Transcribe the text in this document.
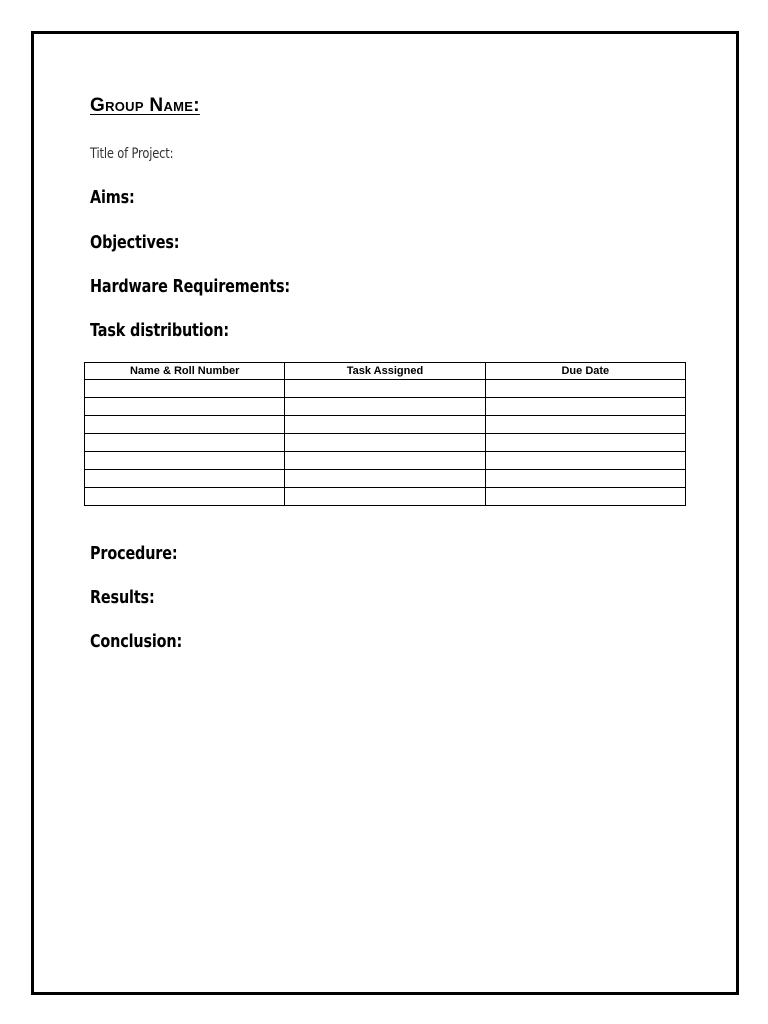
Group Name:

Title of Project:

Aims:

Objectives:

Hardware Requirements:

Task distribution:

Name & Roll Number	Task Assigned	Due Date

Procedure:

Results:

Conclusion:
